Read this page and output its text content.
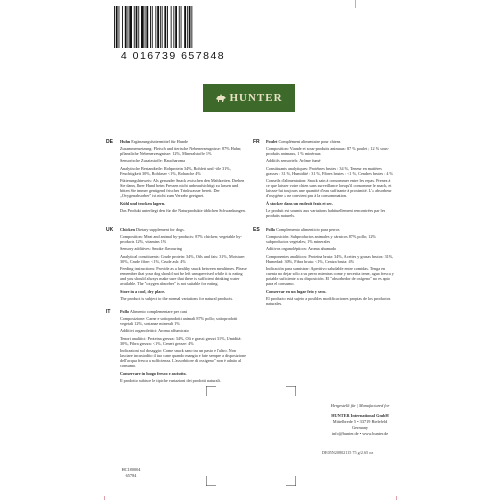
4 016739 657848
HUNTER
DE Huhn Ergänzungsfuttermittel für Hunde

Zusammensetzung: Fleisch und tierische Nebenerzeugnisse: 87% Huhn; pflanzliche Nebenerzeugnisse: 12%, Mineralstoffe 1%

Sensorische Zusatzstoffe: Raucharoma

Analytische Bestandteile: Rohprotein 34%, Rohfett und -öle 31%, Feuchtigkeit 30%, Rohfaser <1%, Rohasche 4%

Fütterungshinweis: Als gesunder Snack zwischen den Mahlzeiten. Drehen Sie dann, Ihrer Hund beim Fressen nicht unbeaufsichtigt zu lassen und bitten Sie immer genügend frisches Trinkwasser bereit. Der „Ovygenabsorber" ist nicht zum Verzehr geeignet.

Kühl und trocken lagern.

Das Produkt unterliegt den für die Naturprodukte üblichen Schwankungen.

FR Poulet Complément alimentaire pour chiens

Composition: Viande et sous-produits animaux: 87 % poulet ; 12 % sous-produits animaux, 1 % minéraux

Additifs sensoriels: Arôme fumé

Constituants analytiques: Protéines brutes : 34 %, Teneur en matières grasses : 31 %, Humidité : 31 %, Fibres brutes : <1 %, Cendres brutes : 4 %

Conseils d'alimentation: Snack sain à consommer entre les repas. Prenez à ce que laisser votre chien sans surveillance lorsqu'il consomme le snack, et laissez-lui toujours une quantité d'eau suffisante à proximité. L'« absorbeur d'oxygène » ne convient pas à la consommation.

À stocker dans un endroit frais et sec.

Le produit est soumis aux variations habituellement rencontrées par les produits naturels.

UK Chicken Dietary supplement for dogs.

Composition: Meat and animal by-products: 87% chicken; vegetable by-products 12%, vitamins 1%

Sensory additives: Smoke flavouring

Analytical constituents: Crude protein: 34%, Oils and fats: 31%, Moisture: 30%, Crude fibre: <1%, Crude ash: 4%

Feeding instructions: Provide as a healthy snack between mealtimes. Please remember that your dog should not be left unsupervised while it is eating and you should always make sure that there is sufficient drinking water available. The "oxygen absorber" is not suitable for eating.

Store in a cool, dry place.

The product is subject to the normal variations for natural products.

ES Pollo Complemento alimenticio para perros

Composición: Subproductos animales y cárnicos 87% pollo; 12% subproductos vegetales; 1% minerales

Aditivos organolépticos: Aroma ahumado

Componentes analíticos: Proteína bruta: 34%, Aceites y grasas brutos: 31%, Humedad: 30%, Fibra bruta: <1%, Ceniza bruta: 4%

Indicación para sumistrar: Aperitivo saludable entre comidas. Tenga en cuenta no dejar sólo a su perro mientras come y necesita tener, agua fresca y potable suficiente a su disposición. El "absorbedor de oxígeno" no es apto para el consumo.

Conservar en un lugar frío y seco.

El producto está sujeto a posibles modificaciones propias de los productos naturales.

IT Pollo Alimento complementare per cani

Composizione: Carne e sottoprodotti animali 87% pollo; sottoprodotti vegetali 12%, sostanze minerali 1%

Additivi organolettici: Aroma affumicato

Tenori analitici: Proteina grezza: 34%, Oli e grassi grezzi 31%, Umidità: 30%, Fibra grezza: <1%, Ceneri grezze: 4%

Indicazioni sul dosaggio: Come snack sano tra un pasto e l'altro. Non lasciare incustodito il tuo cane quando mangia e fate sempre a disposizione dell'acqua fresca a sufficienza. L'assorbitore di ossigeno" non è adatto al consumo.

Conservare in luogo fresco e asciutto.

Il prodotto subisce le tipiche variazioni dei prodotti naturali.

Hergestellt für | Manufactured for
HUNTER International GmbH
Mittelbrede 5 • 33719 Bielefeld
Germany
info@hunter.de • www.hunter.de
DE05N20802115 75 g/2.65 oz
HC180004
65784
